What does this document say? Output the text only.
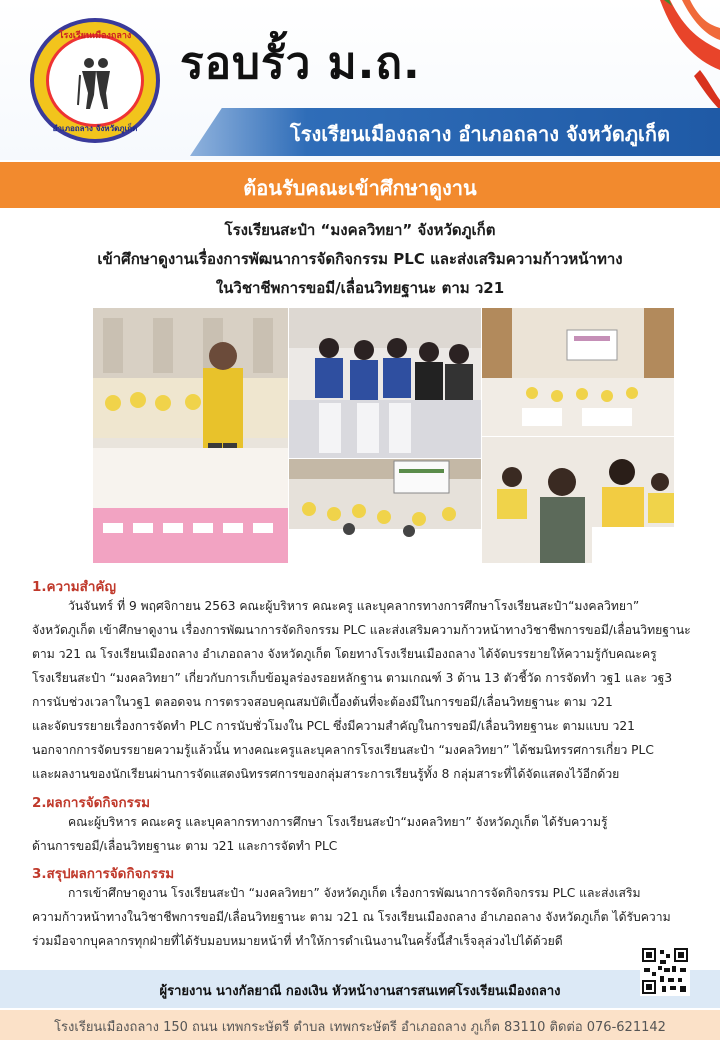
โรงเรียนเมืองถลาง
อำเภอถลาง จังหวัดภูเก็ต
รอบรั้ว ม.ถ.
โรงเรียนเมืองถลาง อำเภอถลาง จังหวัดภูเก็ต
ต้อนรับคณะเข้าศึกษาดูงาน
โรงเรียนสะป๋า “มงคลวิทยา” จังหวัดภูเก็ต
เข้าศึกษาดูงานเรื่องการพัฒนาการจัดกิจกรรม PLC และส่งเสริมความก้าวหน้าทาง
ในวิชาชีพการขอมี/เลื่อนวิทยฐานะ ตาม ว21
1.ความสำคัญ
วันจันทร์ ที่ 9 พฤศจิกายน 2563 คณะผู้บริหาร คณะครู และบุคลากรทางการศึกษาโรงเรียนสะป๋า“มงคลวิทยา”
จังหวัดภูเก็ต เข้าศึกษาดูงาน เรื่องการพัฒนาการจัดกิจกรรม PLC และส่งเสริมความก้าวหน้าทางวิชาชีพการขอมี/เลื่อนวิทยฐานะ
ตาม ว21 ณ โรงเรียนเมืองถลาง อำเภอถลาง จังหวัดภูเก็ต โดยทางโรงเรียนเมืองถลาง ได้จัดบรรยายให้ความรู้กับคณะครู
โรงเรียนสะป๋า “มงคลวิทยา” เกี่ยวกับการเก็บข้อมูลร่องรอยหลักฐาน ตามเกณฑ์ 3 ด้าน 13 ตัวชี้วัด การจัดทำ วฐ1 และ วฐ3
การนับช่วงเวลาในวฐ1 ตลอดจน การตรวจสอบคุณสมบัติเบื้องต้นที่จะต้องมีในการขอมี/เลื่อนวิทยฐานะ ตาม ว21
และจัดบรรยายเรื่องการจัดทำ PLC การนับชั่วโมงใน PCL ซึ่งมีความสำคัญในการขอมี/เลื่อนวิทยฐานะ ตามแบบ ว21
นอกจากการจัดบรรยายความรู้แล้วนั้น ทางคณะครูและบุคลากรโรงเรียนสะป๋า “มงคลวิทยา” ได้ชมนิทรรศการเกี่ยว PLC
และผลงานของนักเรียนผ่านการจัดแสดงนิทรรศการของกลุ่มสาระการเรียนรู้ทั้ง 8 กลุ่มสาระที่ได้จัดแสดงไว้อีกด้วย
2.ผลการจัดกิจกรรม
คณะผู้บริหาร คณะครู และบุคลากรทางการศึกษา โรงเรียนสะป๋า“มงคลวิทยา” จังหวัดภูเก็ต ได้รับความรู้
ด้านการขอมี/เลื่อนวิทยฐานะ ตาม ว21 และการจัดทำ PLC
3.สรุปผลการจัดกิจกรรม
การเข้าศึกษาดูงาน โรงเรียนสะป๋า “มงคลวิทยา” จังหวัดภูเก็ต เรื่องการพัฒนาการจัดกิจกรรม PLC และส่งเสริม
ความก้าวหน้าทางในวิชาชีพการขอมี/เลื่อนวิทยฐานะ ตาม ว21 ณ โรงเรียนเมืองถลาง อำเภอถลาง จังหวัดภูเก็ต ได้รับความ
ร่วมมือจากบุคลากรทุกฝ่ายที่ได้รับมอบหมายหน้าที่ ทำให้การดำเนินงานในครั้งนี้สำเร็จลุล่วงไปได้ด้วยดี
ผู้รายงาน นางกัลยาณี กองเงิน หัวหน้างานสารสนเทศโรงเรียนเมืองถลาง
โรงเรียนเมืองถลาง 150 ถนน เทพกระษัตรี ตำบล เทพกระษัตรี อำเภอถลาง ภูเก็ต 83110 ติดต่อ 076-621142
